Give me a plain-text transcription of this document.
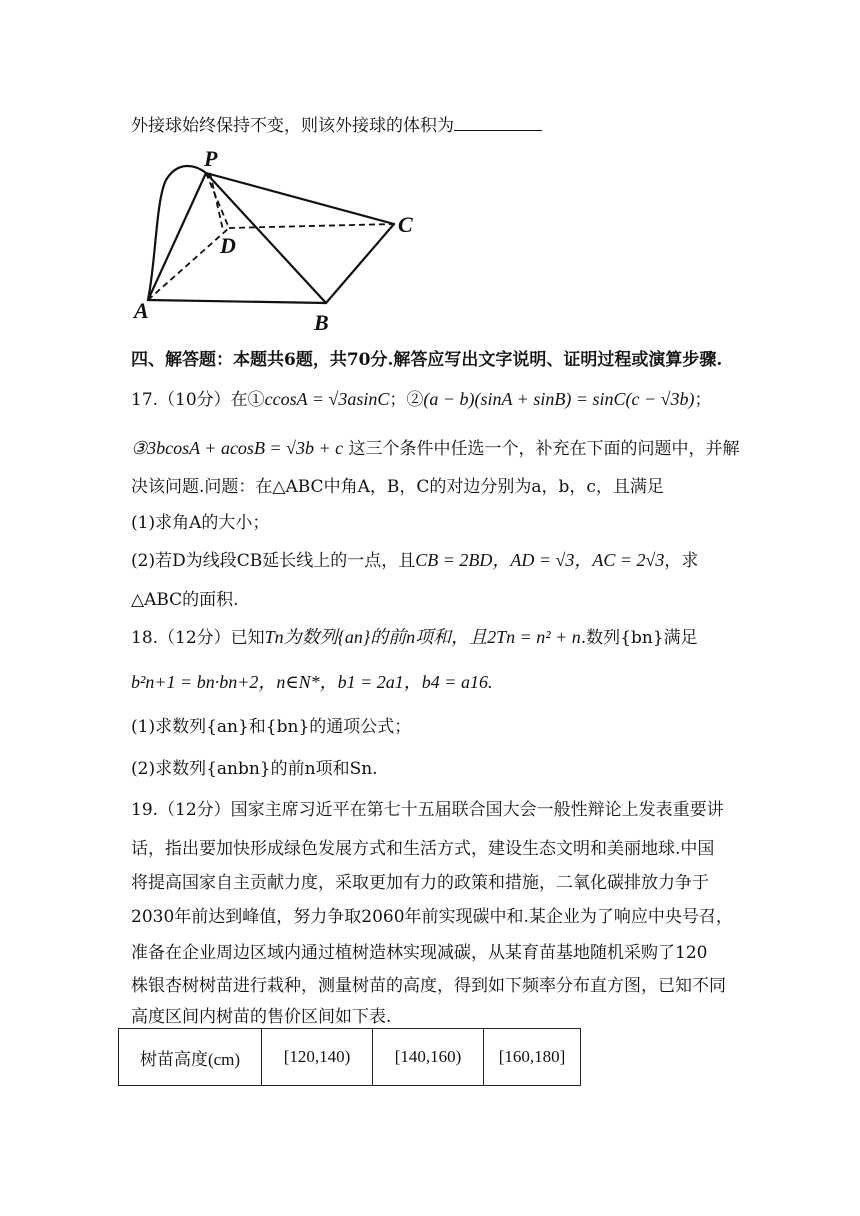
外接球始终保持不变，则该外接球的体积为
P
D
C
A	B
四、解答题：本题共6题，共70分.解答应写出文字说明、证明过程或演算步骤.
17.（10分）在①ccosA = √3asinC；②(a − b)(sinA + sinB) = sinC(c − √3b)；
③3bcosA + acosB = √3b + c 这三个条件中任选一个，补充在下面的问题中，并解
决该问题.问题：在△ABC中角A，B，C的对边分别为a，b，c，且满足
(1)求角A的大小；
(2)若D为线段CB延长线上的一点，且CB = 2BD，AD = √3，AC = 2√3，求
△ABC的面积.
18.（12分）已知Tn为数列{an}的前n项和，且2Tn = n² + n.数列{bn}满足
b²n+1 = bn·bn+2，n∈N*，b1 = 2a1，b4 = a16.
(1)求数列{an}和{bn}的通项公式；
(2)求数列{anbn}的前n项和Sn.
19.（12分）国家主席习近平在第七十五届联合国大会一般性辩论上发表重要讲
话，指出要加快形成绿色发展方式和生活方式，建设生态文明和美丽地球.中国
将提高国家自主贡献力度，采取更加有力的政策和措施，二氧化碳排放力争于
2030年前达到峰值，努力争取2060年前实现碳中和.某企业为了响应中央号召，
准备在企业周边区域内通过植树造林实现减碳，从某育苗基地随机采购了120
株银杏树树苗进行栽种，测量树苗的高度，得到如下频率分布直方图，已知不同
高度区间内树苗的售价区间如下表.
树苗高度(cm)	[120,140)	[140,160)	[160,180]
